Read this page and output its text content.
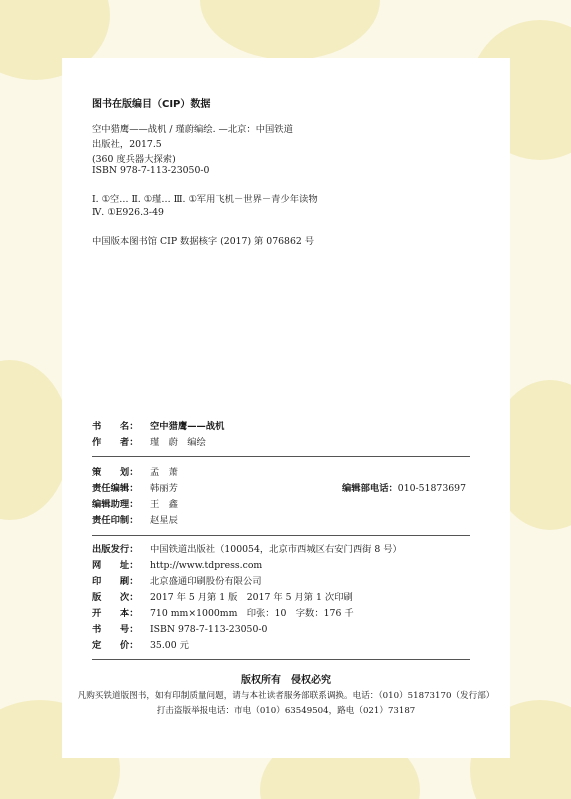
图书在版编目（CIP）数据
空中猎鹰——战机 / 瑾蔚编绘. —北京：中国铁道
出版社，2017.5
(360 度兵器大探索)
ISBN 978-7-113-23050-0
Ⅰ. ①空… Ⅱ. ①瑾… Ⅲ. ①军用飞机－世界－青少年读物
Ⅳ. ①E926.3-49
中国版本图书馆 CIP 数据核字 (2017) 第 076862 号
书　　名： 空中猎鹰——战机
作　　者： 瑾　蔚　编绘
策　　划： 孟　萧
责任编辑： 韩丽芳	编辑部电话：010-51873697
编辑助理： 王　鑫
责任印制： 赵星辰
出版发行： 中国铁道出版社（100054，北京市西城区右安门西街 8 号）
网　　址： http://www.tdpress.com
印　　刷： 北京盛通印刷股份有限公司
版　　次： 2017 年 5 月第 1 版　2017 年 5 月第 1 次印刷
开　　本： 710 mm×1000mm　印张：10　字数：176 千
书　　号： ISBN 978-7-113-23050-0
定　　价： 35.00 元
版权所有　侵权必究
凡购买铁道版图书，如有印制质量问题，请与本社读者服务部联系调换。电话：（010）51873170（发行部）
打击盗版举报电话：市电（010）63549504，路电（021）73187
